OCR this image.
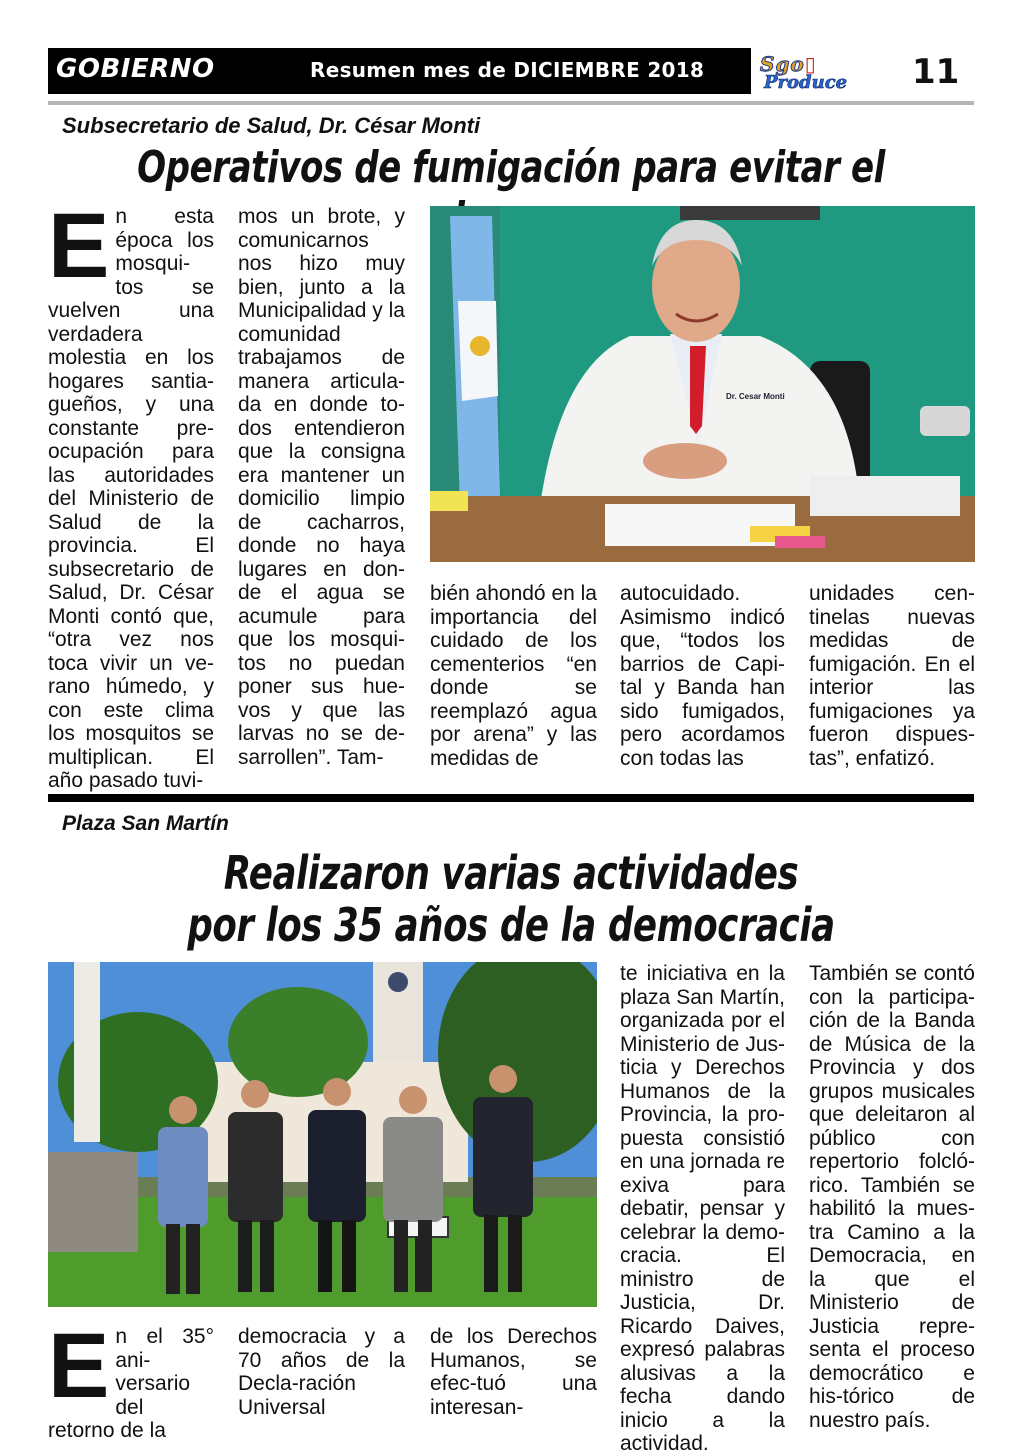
GOBIERNO	Resumen mes de DICIEMBRE 2018	Sgo▯
Produce 11
Subsecretario de Salud, Dr. César Monti
Operativos de fumigación para evitar el
En esta época los mosqui-tos se vuelven una verdadera molestia en los hogares santia-gueños, y una constante pre-ocupación para las autoridades del Ministerio de Salud de la provincia. El subsecretario de Salud, Dr. César Monti contó que, “otra vez nos toca vivir un ve-rano húmedo, y con este clima los mosquitos se multiplican. El año pasado tuvi-
mos un brote, y comunicarnos nos hizo muy bien, junto a la Municipalidad y la comunidad trabajamos de manera articula-da en donde to-dos entendieron que la consigna era mantener un domicilio limpio de cacharros, donde no haya lugares en don-de el agua se acumule para que los mosqui-tos no puedan poner sus hue-vos y que las larvas no se de-sarrollen”. Tam-
Dr. Cesar Monti
bién ahondó en la importancia del cuidado de los cementerios “en donde se reemplazó agua por arena” y las medidas de
autocuidado. Asimismo indicó que, “todos los barrios de Capi-tal y Banda han sido fumigados, pero acordamos con todas las
unidades cen-tinelas nuevas medidas de fumigación. En el interior las fumigaciones ya fueron dispues-tas”, enfatizó.
Plaza San Martín
Realizaron varias actividades
por los 35 años de la democracia
En el 35° ani-versario del retorno de la
democracia y a 70 años de la Decla-ración Universal
de los Derechos Humanos, se efec-tuó una interesan-
te iniciativa en la plaza San Martín, organizada por el Ministerio de Jus-ticia y Derechos Humanos de la Provincia, la pro-puesta consistió en una jornada re exiva para debatir, pensar y celebrar la demo-cracia. El ministro de Justicia, Dr. Ricardo Daives, expresó palabras alusivas a la fecha dando inicio a la actividad.
También se contó con la participa-ción de la Banda de Música de la Provincia y dos grupos musicales que deleitaron al público con repertorio folcló-rico. También se habilitó la mues-tra Camino a la Democracia, en la que el Ministerio de Justicia repre-senta el proceso democrático e his-tórico de nuestro país.
